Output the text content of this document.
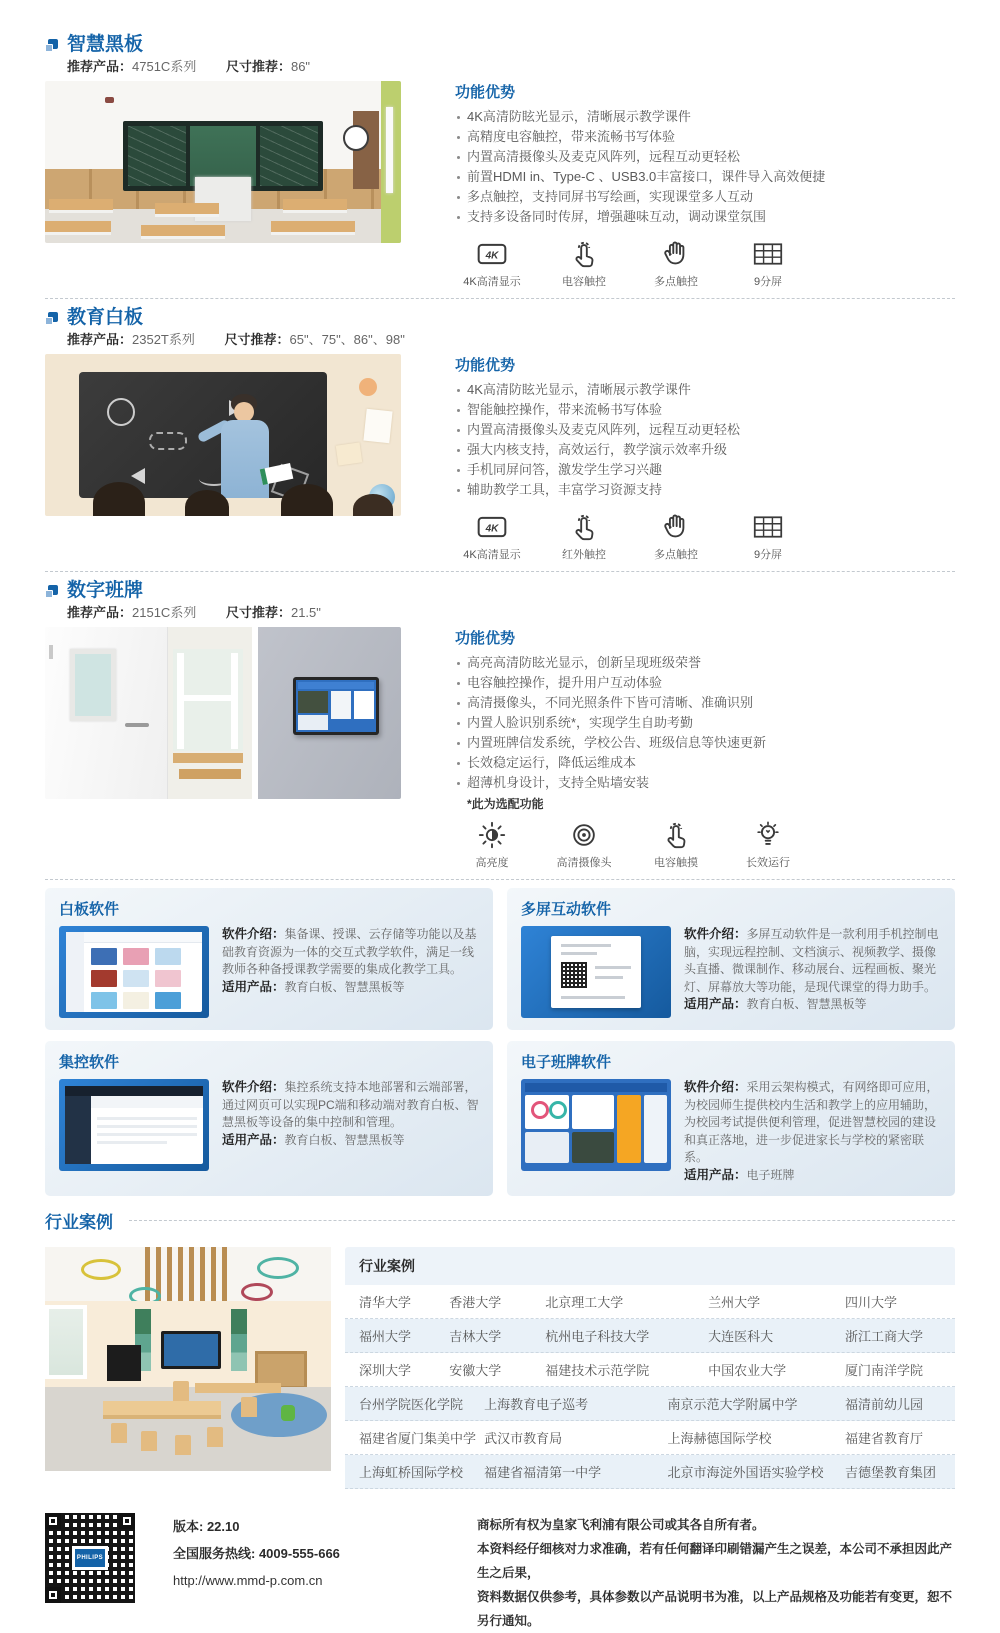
智慧黑板
推荐产品：4751C系列 尺寸推荐：86"
功能优势
4K高清防眩光显示，清晰展示教学课件
高精度电容触控，带来流畅书写体验
内置高清摄像头及麦克风阵列，远程互动更轻松
前置HDMI in、Type-C 、USB3.0丰富接口，课件导入高效便捷
多点触控，支持同屏书写绘画，实现课堂多人互动
支持多设备同时传屏，增强趣味互动，调动课堂氛围
4K
4K高清显示	电容触控	多点触控	9分屏
教育白板
推荐产品：2352T系列 尺寸推荐：65"、75"、86"、98"
功能优势
4K高清防眩光显示，清晰展示教学课件
智能触控操作，带来流畅书写体验
内置高清摄像头及麦克风阵列，远程互动更轻松
强大内核支持，高效运行，教学演示效率升级
手机同屏问答，激发学生学习兴趣
辅助教学工具，丰富学习资源支持
4K
4K高清显示	红外触控	多点触控	9分屏
数字班牌
推荐产品：2151C系列 尺寸推荐：21.5"
功能优势
高亮高清防眩光显示，创新呈现班级荣誉
电容触控操作，提升用户互动体验
高清摄像头，不同光照条件下皆可清晰、准确识别
内置人脸识别系统*，实现学生自助考勤
内置班牌信发系统，学校公告、班级信息等快速更新
长效稳定运行，降低运维成本
超薄机身设计，支持全贴墙安装
*此为选配功能
高亮度	高清摄像头	电容触摸	长效运行
白板软件
软件介绍：集备课、授课、云存储等功能以及基础教育资源为一体的交互式教学软件，满足一线教师各种备授课教学需要的集成化教学工具。
适用产品：教育白板、智慧黑板等
多屏互动软件
软件介绍：多屏互动软件是一款利用手机控制电脑，实现远程控制、文档演示、视频教学、摄像头直播、微课制作、移动展台、远程画板、聚光灯、屏幕放大等功能，是现代课堂的得力助手。
适用产品：教育白板、智慧黑板等
集控软件
软件介绍：集控系统支持本地部署和云端部署，通过网页可以实现PC端和移动端对教育白板、智慧黑板等设备的集中控制和管理。
适用产品：教育白板、智慧黑板等
电子班牌软件
软件介绍：采用云架构模式，有网络即可应用，为校园师生提供校内生活和教学上的应用辅助，为校园考试提供便利管理，促进智慧校园的建设和真正落地，进一步促进家长与学校的紧密联系。
适用产品：电子班牌
行业案例
行业案例
清华大学	香港大学	北京理工大学	兰州大学	四川大学
福州大学	吉林大学	杭州电子科技大学	大连医科大	浙江工商大学
深圳大学	安徽大学	福建技术示范学院	中国农业大学	厦门南洋学院
台州学院医化学院	上海教育电子巡考	南京示范大学附属中学	福清前幼儿园
福建省厦门集美中学 武汉市教育局	上海赫德国际学校	福建省教育厅
上海虹桥国际学校	福建省福清第一中学	北京市海淀外国语实验学校	吉德堡教育集团
PHILIPS
版本: 22.10
全国服务热线: 4009-555-666
http://www.mmd-p.com.cn
商标所有权为皇家飞利浦有限公司或其各自所有者。
本资料经仔细核对力求准确，若有任何翻译印刷错漏产生之误差，本公司不承担因此产生之后果，
资料数据仅供参考，具体参数以产品说明书为准，以上产品规格及功能若有变更，恕不另行通知。
